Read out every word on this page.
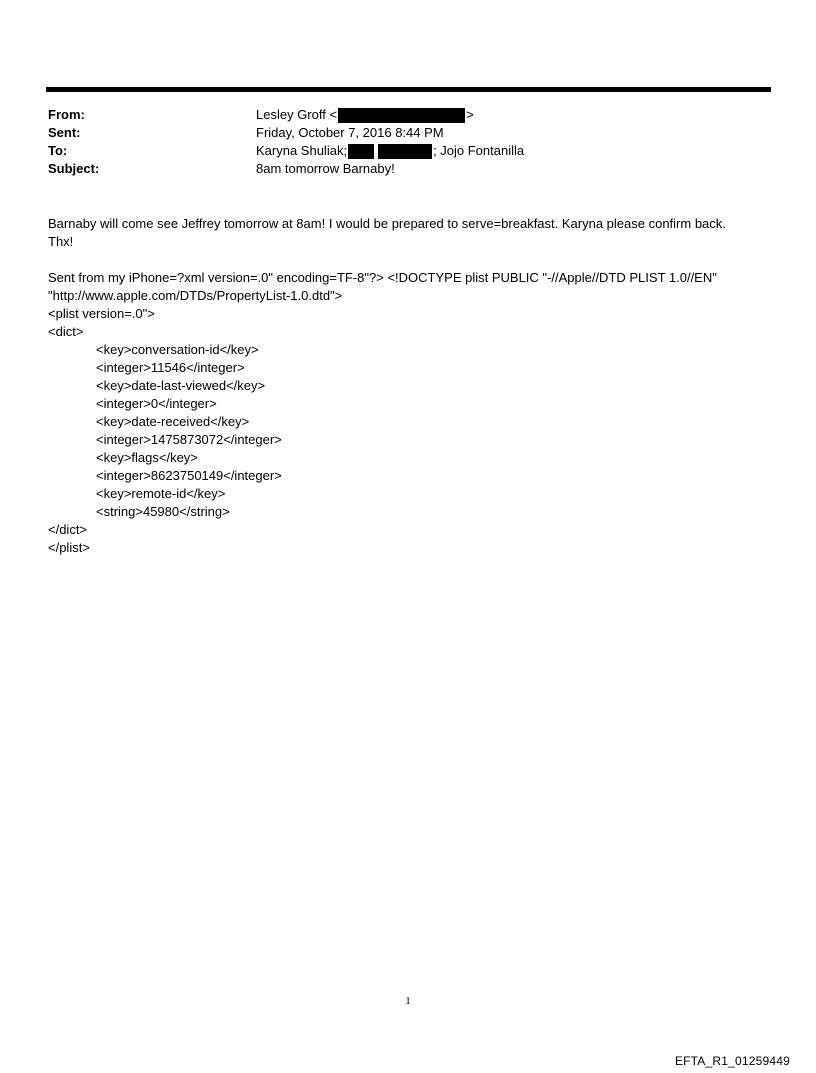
From:	Lesley Groff <	>
Sent:	Friday, October 7, 2016 8:44 PM
To:	Karyna Shuliak;	; Jojo Fontanilla
Subject:	8am tomorrow Barnaby!

Barnaby will come see Jeffrey tomorrow at 8am! I would be prepared to serve=breakfast. Karyna please confirm back.

Thx!

Sent from my iPhone=?xml version=.0" encoding=TF-8"?> <!DOCTYPE plist PUBLIC "-//Apple//DTD PLIST 1.0//EN"

"http://www.apple.com/DTDs/PropertyList-1.0.dtd">

<plist version=.0">

<dict>

<key>conversation-id</key>

<integer>11546</integer>

<key>date-last-viewed</key>

<integer>0</integer>

<key>date-received</key>

<integer>1475873072</integer>

<key>flags</key>

<integer>8623750149</integer>

<key>remote-id</key>

<string>45980</string>

</dict>

</plist>

1
EFTA_R1_01259449
